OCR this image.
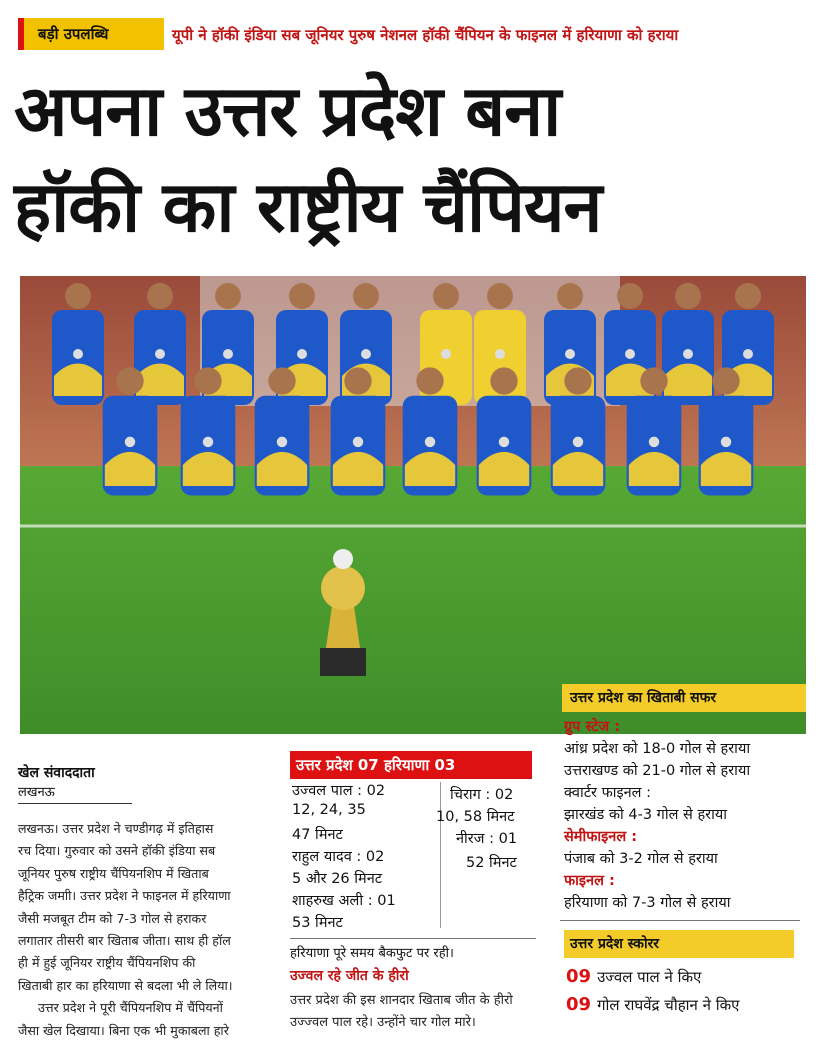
बड़ी उपलब्धि	यूपी ने हॉकी इंडिया सब जूनियर पुरुष नेशनल हॉकी चैंपियन के फाइनल में हरियाणा को हराया
अपना उत्तर प्रदेश बना
हॉकी का राष्ट्रीय चैंपियन
उत्तर प्रदेश का खिताबी सफर
ग्रुप स्टेज :
आंध्र प्रदेश को 18-0 गोल से हराया
उत्तराखण्ड को 21-0 गोल से हराया
क्वार्टर फाइनल :
झारखंड को 4-3 गोल से हराया
सेमीफाइनल :
पंजाब को 3-2 गोल से हराया
फाइनल :
हरियाणा को 7-3 गोल से हराया
खेल संवाददाता
लखनऊ
लखनऊ। उत्तर प्रदेश ने चण्डीगढ़ में इतिहास
रच दिया। गुरुवार को उसने हॉकी इंडिया सब
जूनियर पुरुष राष्ट्रीय चैंपियनशिप में खिताब
हैट्रिक जमाी। उत्तर प्रदेश ने फाइनल में हरियाणा
जैसी मजबूत टीम को 7-3 गोल से हराकर
लगातार तीसरी बार खिताब जीता। साथ ही हॉल
ही में हुई जूनियर राष्ट्रीय चैंपियनशिप की
खिताबी हार का हरियाणा से बदला भी ले लिया।
उत्तर प्रदेश ने पूरी चैंपियनशिप में चैंपियनों
जैसा खेल दिखाया। बिना एक भी मुकाबला हारे
उत्तर प्रदेश 07 हरियाणा 03
उज्वल पाल : 02
12, 24, 35
47 मिनट
राहुल यादव : 02
5 और 26 मिनट
शाहरुख अली : 01
53 मिनट
चिराग : 02
10, 58 मिनट
नीरज : 01
52 मिनट
हरियाणा पूरे समय बैकफुट पर रही।
उज्वल रहे जीत के हीरो
उत्तर प्रदेश की इस शानदार खिताब जीत के हीरो
उज्ज्वल पाल रहे। उन्होंने चार गोल मारे।
उत्तर प्रदेश स्कोरर
09 उज्वल पाल ने किए
09 गोल राघवेंद्र चौहान ने किए
